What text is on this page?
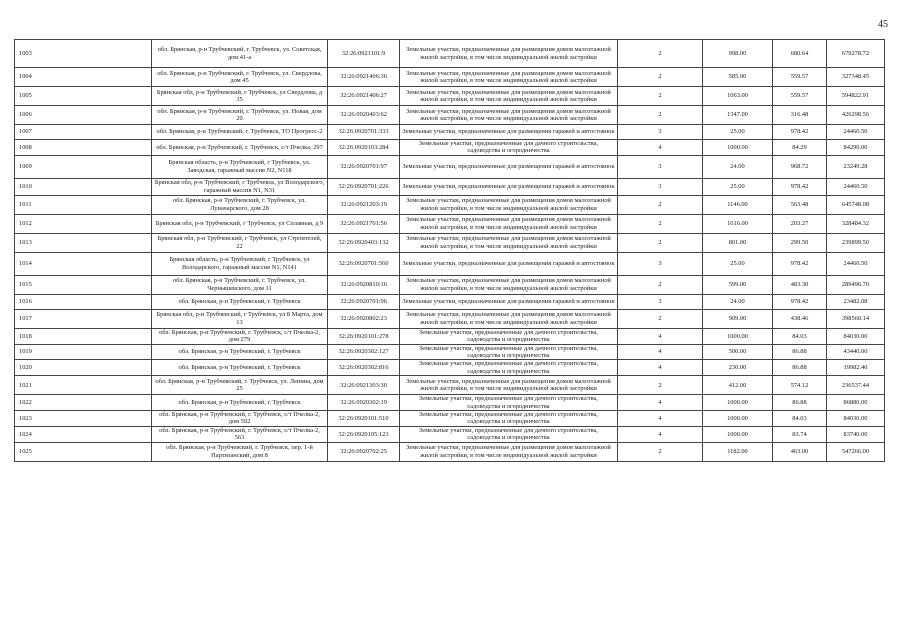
45
1003	обл. Брянская, р-н Трубчевский, г. Трубчевск, ул. Советская, дом 41-а	32:26:0921101:9	Земельные участки, предназначенные для размещения домов малоэтажной жилой застройки, в том числе индивидуальной жилой застройки	2	998.00	680.64	679278.72
1004	обл. Брянская, р-н Трубчевский, г. Трубчевск, ул. Свердлова, дом 45	32:26:0921406:36	Земельные участки, предназначенные для размещения домов малоэтажной жилой застройки, в том числе индивидуальной жилой застройки	2	585.00	559.57	327348.45
1005	Брянская обл, р-н Трубчевский, г Трубчевск, ул Свердлова, д 35	32:26:0921406:27	Земельные участки, предназначенные для размещения домов малоэтажной жилой застройки, в том числе индивидуальной жилой застройки	2	1063.00	559.57	594822.91
1006	обл. Брянская, р-н Трубчевский, г. Трубчевск, ул. Новая, дом 20	32:26:0920403:62	Земельные участки, предназначенные для размещения домов малоэтажной жилой застройки, в том числе индивидуальной жилой застройки	2	1347.00	316.48	426298.56
1007	обл. Брянская, р-н Трубчевский, г. Трубчевск, ТО Прогресс-2	32:26:0920701:333	Земельные участки, предназначенные для размещения гаражей и автостоянок	3	25.00	978.42	24460.50
1008	обл. Брянская, р-н Трубчевский, г. Трубчевск, с/т Пчелка, 297	32:26:0920103:284	Земельные участки, предназначенные для дачного строительства, садоводства и огородничества	4	1000.00	84.29	84290.00
1009	Брянская область, р-н Трубчевский, г Трубчевск, ул. Заводская, гаражный массив N2, N118	32:26:0920701:97	Земельные участки, предназначенные для размещения гаражей и автостоянок	3	24.00	968.72	23249.28
1010	Брянская обл, р-н Трубчевский, г Трубчевск, ул Володарского, гаражный массив N1, N31	32:26:0920701:226	Земельные участки, предназначенные для размещения гаражей и автостоянок	3	25.00	978.42	24460.50
1011	обл. Брянская, р-н Трубчевский, г. Трубчевск, ул. Луначарского, дом 28	32:26:0921203:19	Земельные участки, предназначенные для размещения домов малоэтажной жилой застройки, в том числе индивидуальной жилой застройки	2	1146.00	563.48	645748.08
1012	Брянская обл, р-н Трубчевский, г Трубчевск, ул Сплавная, д 9	32:26:0921701:56	Земельные участки, предназначенные для размещения домов малоэтажной жилой застройки, в том числе индивидуальной жилой застройки	2	1616.00	203.27	328484.32
1013	Брянская обл, р-н Трубчевский, г Трубчевск, ул Строителей, 22	32:26:0920403:132	Земельные участки, предназначенные для размещения домов малоэтажной жилой застройки, в том числе индивидуальной жилой застройки	2	801.00	299.50	239899.50
1014	Брянская область, р-н Трубчевский, г Трубчевск, ул Володарского, гаражный массив N1, N141	32:26:0920701:560	Земельные участки, предназначенные для размещения гаражей и автостоянок	3	25.00	978.42	24460.50
1015	обл. Брянская, р-н Трубчевский, г. Трубчевск, ул. Чернышевского, дом 11	32:26:0920810:16	Земельные участки, предназначенные для размещения домов малоэтажной жилой застройки, в том числе индивидуальной жилой застройки	2	599.00	483.30	289496.70
1016	обл. Брянская, р-н Трубчевский, г. Трубчевск	32:26:0920701:96	Земельные участки, предназначенные для размещения гаражей и автостоянок	3	24.00	978.42	23482.08
1017	Брянская обл, р-н Трубчевский, г Трубчевск, ул 8 Марта, дом 13	32:26:0920802:23	Земельные участки, предназначенные для размещения домов малоэтажной жилой застройки, в том числе индивидуальной жилой застройки	2	909.00	438.46	398560.14
1018	обл. Брянская, р-н Трубчевский, г. Трубчевск, с/т Пчелка-2, дом 279	32:26:0920101:278	Земельные участки, предназначенные для дачного строительства, садоводства и огородничества	4	1000.00	84.03	84030.00
1019	обл. Брянская, р-н Трубчевский, г. Трубчевск	32:26:0920302:127	Земельные участки, предназначенные для дачного строительства, садоводства и огородничества	4	500.00	86.88	43440.00
1020	обл. Брянская, р-н Трубчевский, г. Трубчевск	32:26:0920302:816	Земельные участки, предназначенные для дачного строительства, садоводства и огородничества	4	230.00	86.88	19982.40
1021	обл. Брянская, р-н Трубчевский, г. Трубчевск, ул. Ленина, дом 25	32:26:0921303:30	Земельные участки, предназначенные для размещения домов малоэтажной жилой застройки, в том числе индивидуальной жилой застройки	2	412.00	574.12	236537.44
1022	обл. Брянская, р-н Трубчевский, г. Трубчевск	32:26:0920302:19	Земельные участки, предназначенные для дачного строительства, садоводства и огородничества	4	1000.00	86.88	86880.00
1023	обл. Брянская, р-н Трубчевский, г. Трубчевск, с/т Пчелка-2, дом 592	32:26:0920101:510	Земельные участки, предназначенные для дачного строительства, садоводства и огородничества	4	1000.00	84.03	84030.00
1024	обл. Брянская, р-н Трубчевский, г. Трубчевск, с/т Пчелка-2, 563	32:26:0920105:123	Земельные участки, предназначенные для дачного строительства, садоводства и огородничества	4	1000.00	83.74	83740.00
1025	обл. Брянская, р-н Трубчевский, г. Трубчевск, пер. 1-й Партизанский, дом 8	32:26:0920702:25	Земельные участки, предназначенные для размещения домов малоэтажной жилой застройки, в том числе индивидуальной жилой застройки	2	1182.00	463.00	547266.00
